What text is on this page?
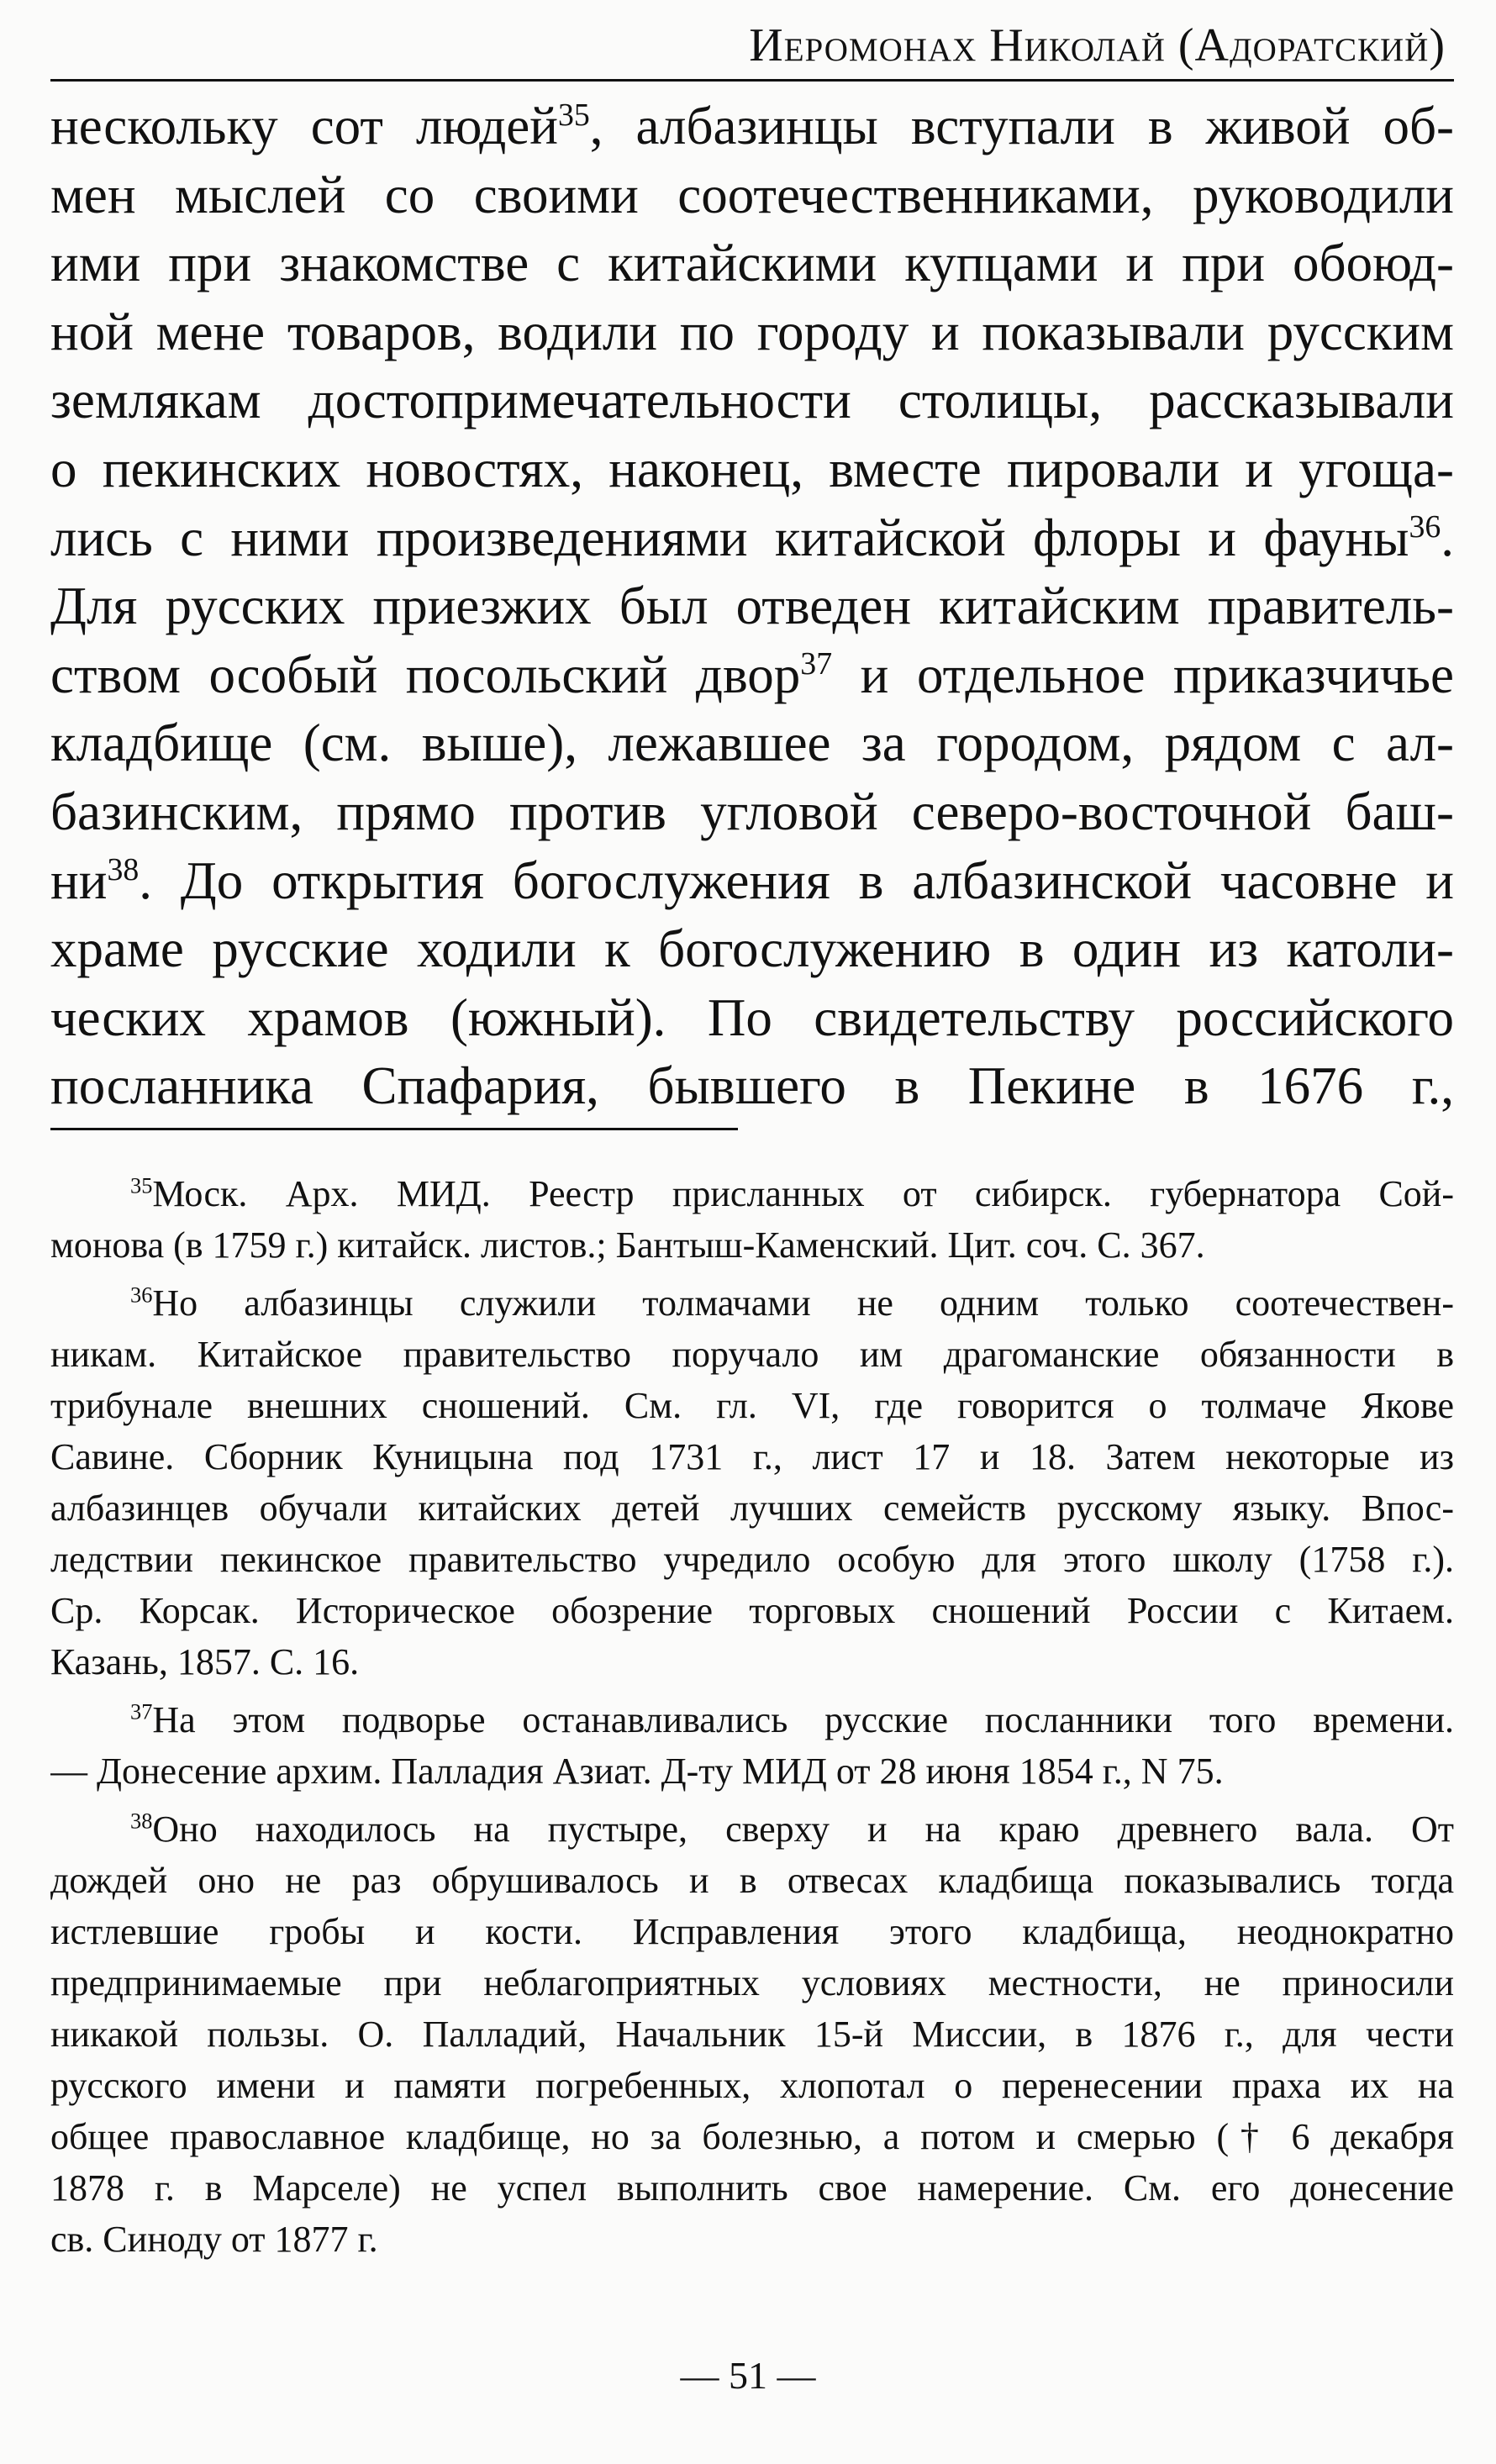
Иеромонах Николай (Адоратский)
нескольку сот людей$^{35}$, албазинцы вступали в живой об-
мен мыслей со своими соотечественниками, руководили
ими при знакомстве с китайскими купцами и при обоюд-
ной мене товаров, водили по городу и показывали русским
землякам достопримечательности столицы, рассказывали
о пекинских новостях, наконец, вместе пировали и угоща-
лись с ними произведениями китайской флоры и фауны$^{36}$.
Для русских приезжих был отведен китайским правитель-
ством особый посольский двор$^{37}$ и отдельное приказчичье
кладбище (см. выше), лежавшее за городом, рядом с ал-
базинским, прямо против угловой северо-восточной баш-
$ни^{38}$. До открытия богослужения в албазинской часовне и
храме русские ходили к богослужению в один из католи-
ческих храмов (южный). По свидетельству российского
посланника Спафария, бывшего в Пекине в 1676 г.,
$^{35}$Моск. Арх. МИД. Реестр присланных от сибирск. губернатора Сой-
монова (в 1759 г.) китайск. листов.; Бантыш-Каменский. Цит. соч. С. 367.
$^{36}$Но албазинцы служили толмачами не одним только соотечествен-
никам. Китайское правительство поручало им драгоманские обязанности в
трибунале внешних сношений. См. гл. VI, где говорится о толмаче Якове
Савине. Сборник Куницына под 1731 г., лист 17 и 18. Затем некоторые из
албазинцев обучали китайских детей лучших семейств русскому языку. Впос-
ледствии пекинское правительство учредило особую для этого школу (1758 г.).
Ср. Корсак. Историческое обозрение торговых сношений России с Китаем.
Казань, 1857. С. 16.
$^{37}$На этом подворье останавливались русские посланники того времени.
— Донесение архим. Палладия Азиат. Д-ту МИД от 28 июня 1854 г., N 75.
$^{38}$Оно находилось на пустыре, сверху и на краю древнего вала. От
дождей оно не раз обрушивалось и в отвесах кладбища показывались тогда
истлевшие гробы и кости. Исправления этого кладбища, неоднократно
предпринимаемые при неблагоприятных условиях местности, не приносили
никакой пользы. О. Палладий, Начальник 15-й Миссии, в 1876 г., для чести
русского имени и памяти погребенных, хлопотал о перенесении праха их на
общее православное кладбище, но за болезнью, а потом и смерью († 6 декабря
1878 г. в Марселе) не успел выполнить свое намерение. См. его донесение
св. Синоду от 1877 г.
— 51 —
